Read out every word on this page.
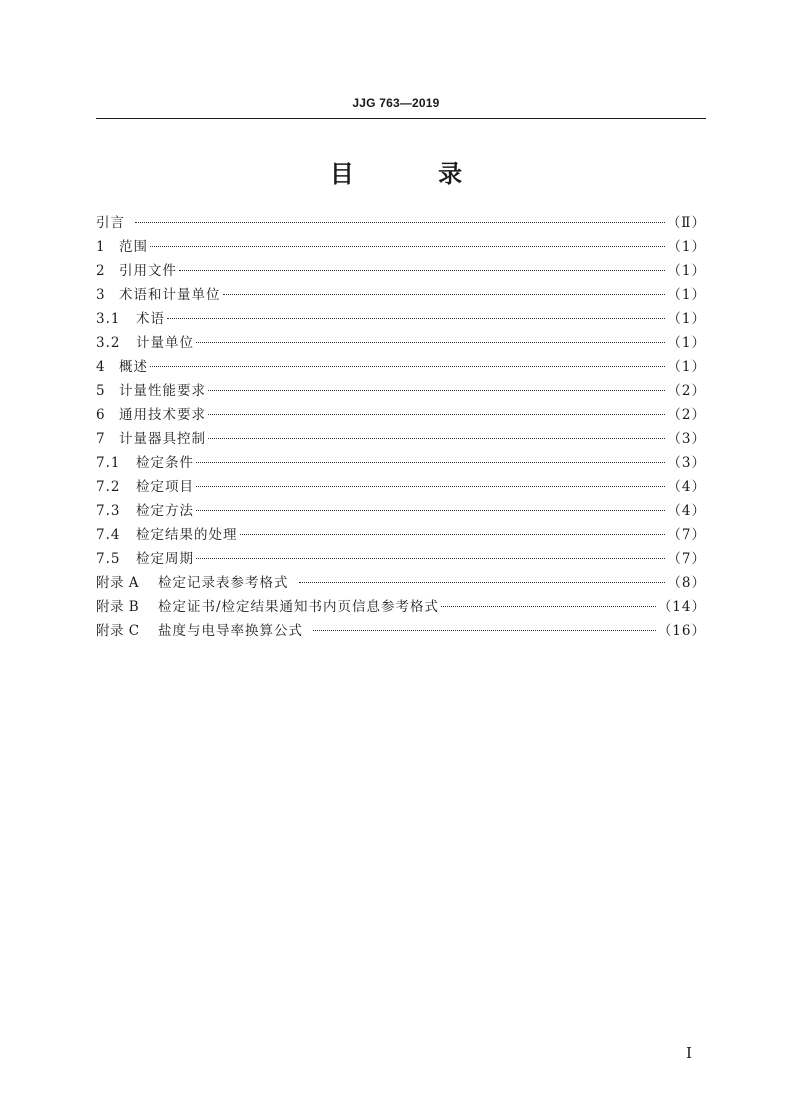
JJG 763—2019
目 录
引言	（Ⅱ）
1 范围	（1）
2 引用文件	（1）
3 术语和计量单位	（1）
3.1	术语	（1）
3.2	计量单位	（1）
4 概述	（1）
5 计量性能要求	（2）
6 通用技术要求	（2）
7 计量器具控制	（3）
7.1	检定条件	（3）
7.2	检定项目	（4）
7.3	检定方法	（4）
7.4	检定结果的处理	（7）
7.5	检定周期	（7）
附录 A	检定记录表参考格式	（8）
附录 B	检定证书/检定结果通知书内页信息参考格式	（14）
附录 C	盐度与电导率换算公式	（16）
I
